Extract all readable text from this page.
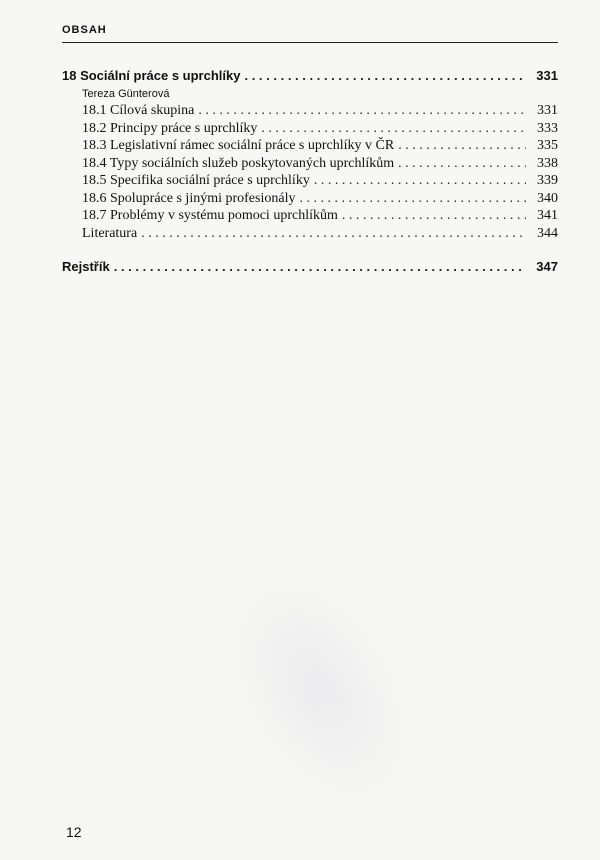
OBSAH
18 Sociální práce s uprchlíky . . .	331
Tereza Günterová
18.1 Cílová skupina . . .	331
18.2 Principy práce s uprchlíky . . .	333
18.3 Legislativní rámec sociální práce s uprchlíky v ČR . . .	335
18.4 Typy sociálních služeb poskytovaných uprchlíkům . . .	338
18.5 Specifika sociální práce s uprchlíky . . .	339
18.6 Spolupráce s jinými profesionály . . .	340
18.7 Problémy v systému pomoci uprchlíkům . . .	341
Literatura . . .	344
Rejstřík . . .	347
12
